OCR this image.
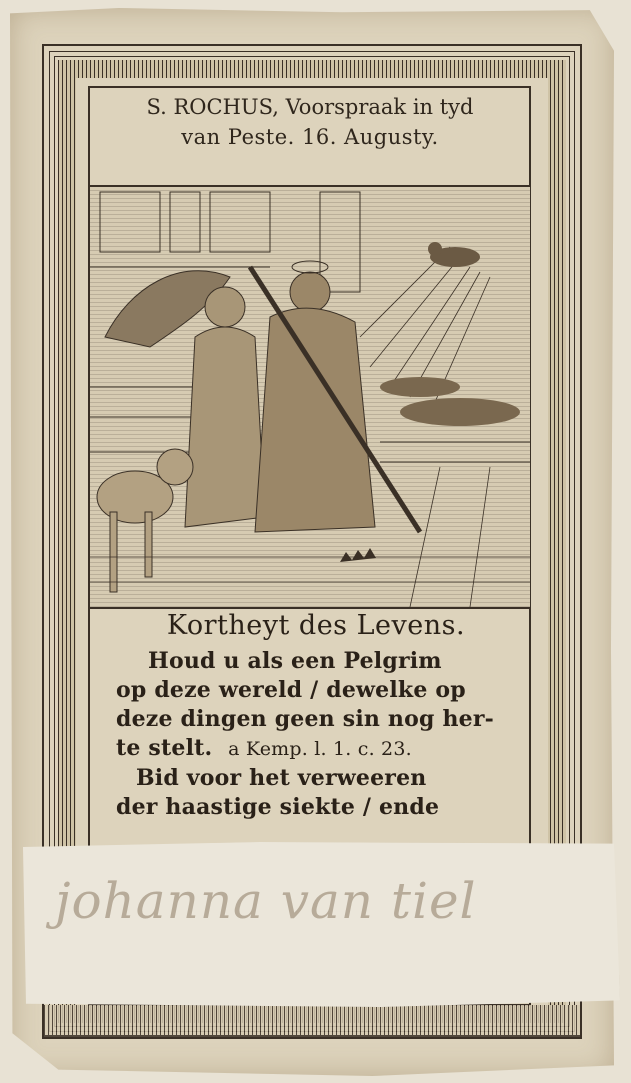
S. ROCHUS, Voorspraak in tyd
van Peste. 16. Augusty.
Kortheyt des Levens.
Houd u als een Pelgrim
op deze wereld / dewelke op
deze dingen geen sin nog her-
te stelt. a Kemp. l. 1. c. 23.
Bid voor het verweeren
der haastige siekte / ende
johanna van tiel
